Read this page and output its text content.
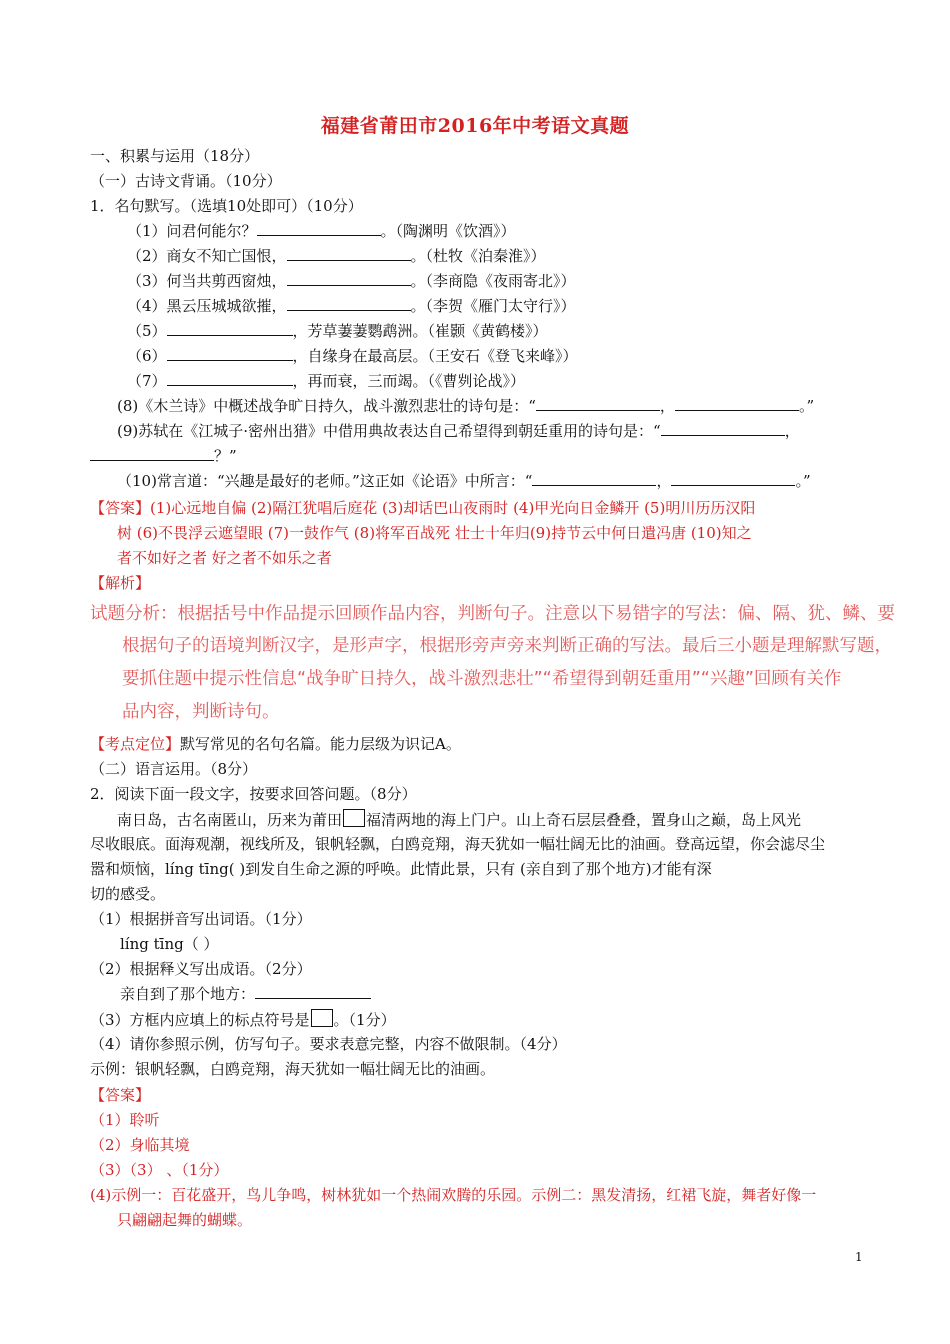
福建省莆田市2016年中考语文真题
一、积累与运用（18分）
（一）古诗文背诵。（10分）
1．名句默写。（选填10处即可）（10分）
（1）问君何能尔？	。（陶渊明《饮酒》）
（2）商女不知亡国恨，	。（杜牧《泊秦淮》）
（3）何当共剪西窗烛，	。（李商隐《夜雨寄北》）
（4）黑云压城城欲摧，	。（李贺《雁门太守行》）
（5）	，芳草萋萋鹦鹉洲。（崔颢《黄鹤楼》）
（6）	，自缘身在最高层。（王安石《登飞来峰》）
（7）	，再而衰，三而竭。（《曹刿论战》）
(8)《木兰诗》中概述战争旷日持久，战斗激烈悲壮的诗句是：“	，	。”
(9)苏轼在《江城子·密州出猎》中借用典故表达自己希望得到朝廷重用的诗句是：“	，
？”
（10)常言道：“兴趣是最好的老师。”这正如《论语》中所言：“	，	。”
【答案】(1)心远地自偏 (2)隔江犹唱后庭花 (3)却话巴山夜雨时 (4)甲光向日金鳞开 (5)明川历历汉阳
树 (6)不畏浮云遮望眼 (7)一鼓作气 (8)将军百战死 壮士十年归(9)持节云中何日遣冯唐 (10)知之
者不如好之者 好之者不如乐之者
【解析】
试题分析：根据括号中作品提示回顾作品内容，判断句子。注意以下易错字的写法：偏、隔、犹、鳞、要
根据句子的语境判断汉字，是形声字，根据形旁声旁来判断正确的写法。最后三小题是理解默写题，
要抓住题中提示性信息“战争旷日持久，战斗激烈悲壮”“希望得到朝廷重用”“兴趣”回顾有关作
品内容，判断诗句。
【考点定位】默写常见的名句名篇。能力层级为识记A。
（二）语言运用。（8分）
2．阅读下面一段文字，按要求回答问题。（8分）
南日岛，古名南匿山，历来为莆田 福清两地的海上门户。山上奇石层层叠叠，置身山之巅，岛上风光
尽收眼底。面海观潮，视线所及，银帆轻飘，白鸥竞翔，海天犹如一幅壮阔无比的油画。登高远望，你会滤尽尘
嚣和烦恼，líng tīng( )到发自生命之源的呼唤。此情此景，只有 (亲自到了那个地方)才能有深
切的感受。
（1）根据拼音写出词语。（1分）
líng tīng（ ）
（2）根据释义写出成语。（2分）
亲自到了那个地方：
（3）方框内应填上的标点符号是 。（1分）
（4）请你参照示例，仿写句子。要求表意完整，内容不做限制。（4分）
示例：银帆轻飘，白鸥竞翔，海天犹如一幅壮阔无比的油画。
【答案】
（1）聆听
（2）身临其境
（3）（3） 、（1分）
(4)示例一：百花盛开，鸟儿争鸣，树林犹如一个热闹欢腾的乐园。示例二：黑发清扬，红裙飞旋，舞者好像一
只翩翩起舞的蝴蝶。
1
